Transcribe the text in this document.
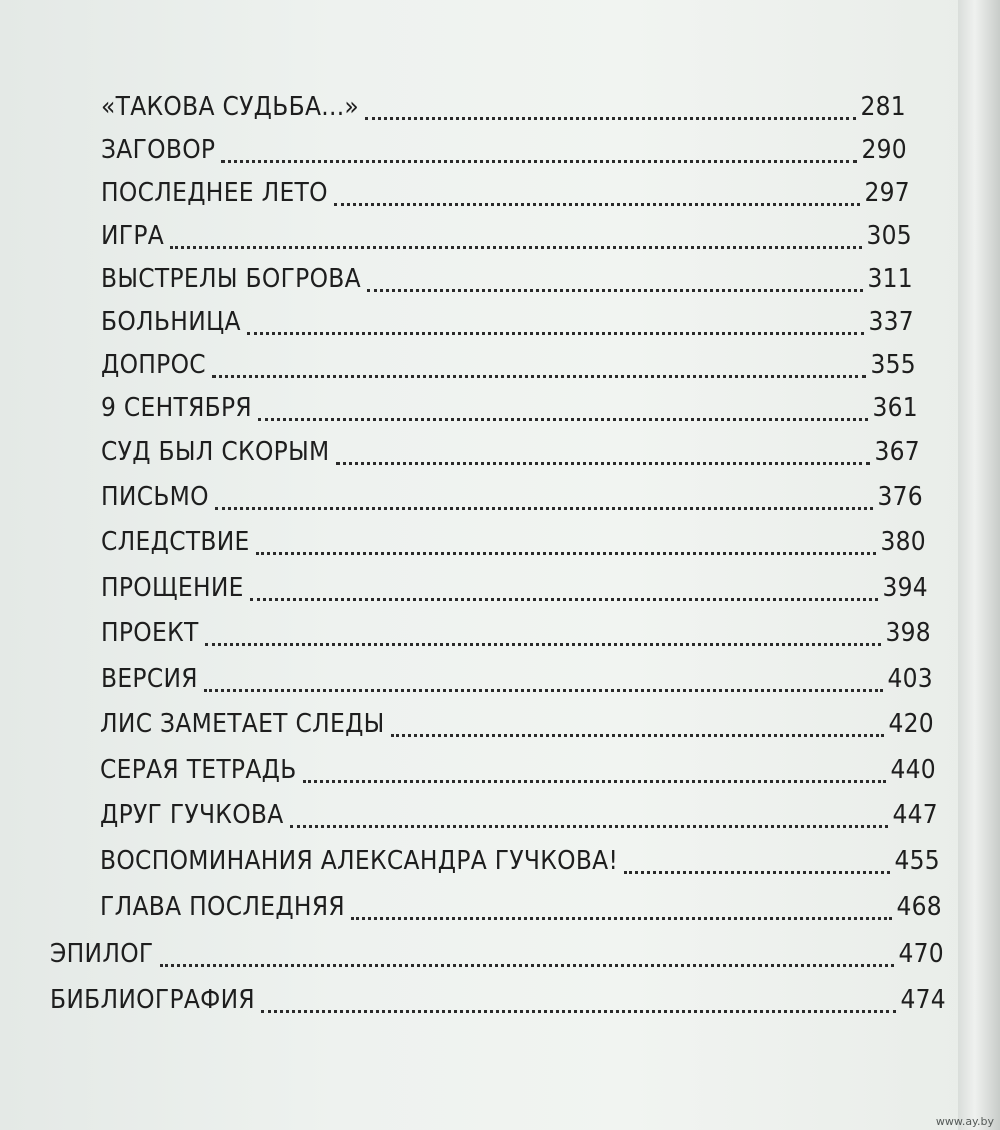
«ТАКОВА СУДЬБА...»	281
ЗАГОВОР	290
ПОСЛЕДНЕЕ ЛЕТО	297
ИГРА	305
ВЫСТРЕЛЫ БОГРОВА	311
БОЛЬНИЦА	337
ДОПРОС	355
9 СЕНТЯБРЯ	361
СУД БЫЛ СКОРЫМ	367
ПИСЬМО	376
СЛЕДСТВИЕ	380
ПРОЩЕНИЕ	394
ПРОЕКТ	398
ВЕРСИЯ	403
ЛИС ЗАМЕТАЕТ СЛЕДЫ	420
СЕРАЯ ТЕТРАДЬ	440
ДРУГ ГУЧКОВА	447
ВОСПОМИНАНИЯ АЛЕКСАНДРА ГУЧКОВА!	455
ГЛАВА ПОСЛЕДНЯЯ	468
ЭПИЛОГ	470
БИБЛИОГРАФИЯ	474
www.ay.by
